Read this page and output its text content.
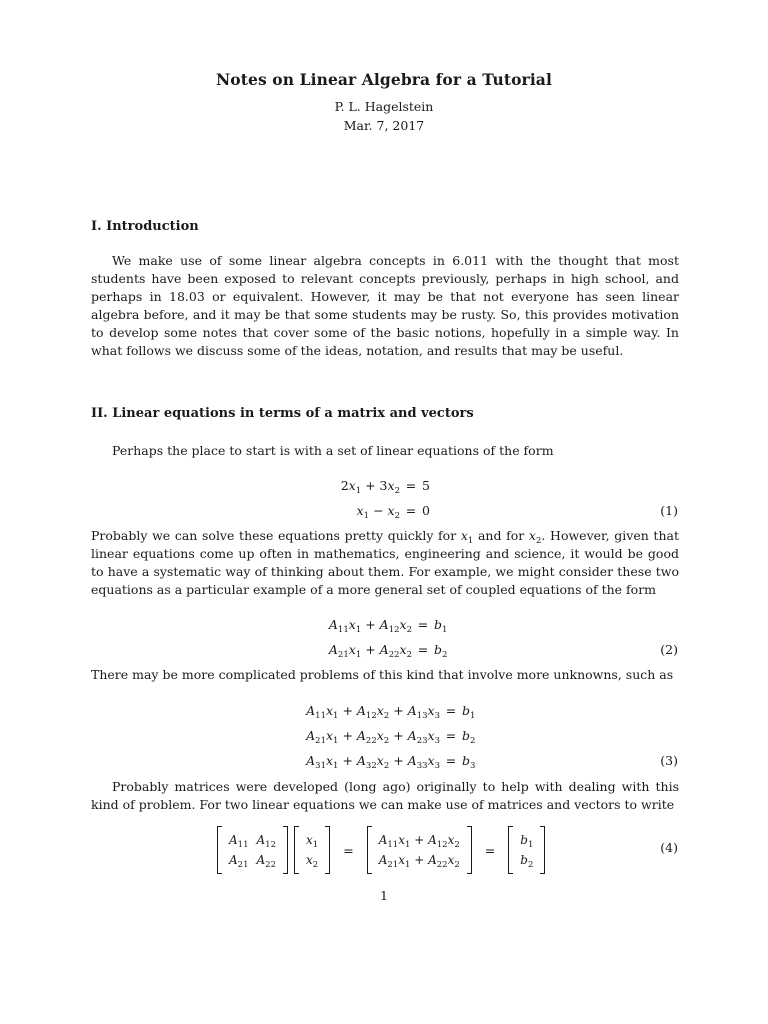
Notes on Linear Algebra for a Tutorial
P. L. Hagelstein
Mar. 7, 2017
I. Introduction

We make use of some linear algebra concepts in 6.011 with the thought that most students have been exposed to relevant concepts previously, perhaps in high school, and perhaps in 18.03 or equivalent. However, it may be that not everyone has seen linear algebra before, and it may be that some students may be rusty. So, this provides motivation to develop some notes that cover some of the basic notions, hopefully in a simple way. In what follows we discuss some of the ideas, notation, and results that may be useful.

II. Linear equations in terms of a matrix and vectors

Perhaps the place to start is with a set of linear equations of the form

$2x_1 + 3x_2 = 5$
$x_1 - x_2 = 0$	(1)

Probably we can solve these equations pretty quickly for $x_1$ and for $x_2$. However, given that linear equations come up often in mathematics, engineering and science, it would be good to have a systematic way of thinking about them. For example, we might consider these two equations as a particular example of a more general set of coupled equations of the form

$A_{11}x_1 + A_{12}x_2 = b_1$
$A_{21}x_1 + A_{22}x_2 = b_2$	(2)

There may be more complicated problems of this kind that involve more unknowns, such as

$A_{11}x_1 + A_{12}x_2 + A_{13}x_3 = b_1$
$A_{21}x_1 + A_{22}x_2 + A_{23}x_3 = b_2$
$A_{31}x_1 + A_{32}x_2 + A_{33}x_3 = b_3$	(3)

Probably matrices were developed (long ago) originally to help with dealing with this kind of problem. For two linear equations we can make use of matrices and vectors to write

$A_{11}$	$A_{12}$
$A_{21}$	$A_{22}$
$x_1$
$x_2$
=
$A_{11}x_1 + A_{12}x_2$
$A_{21}x_1 + A_{22}x_2$
=
$b_1$
$b_2$
(4)
1
